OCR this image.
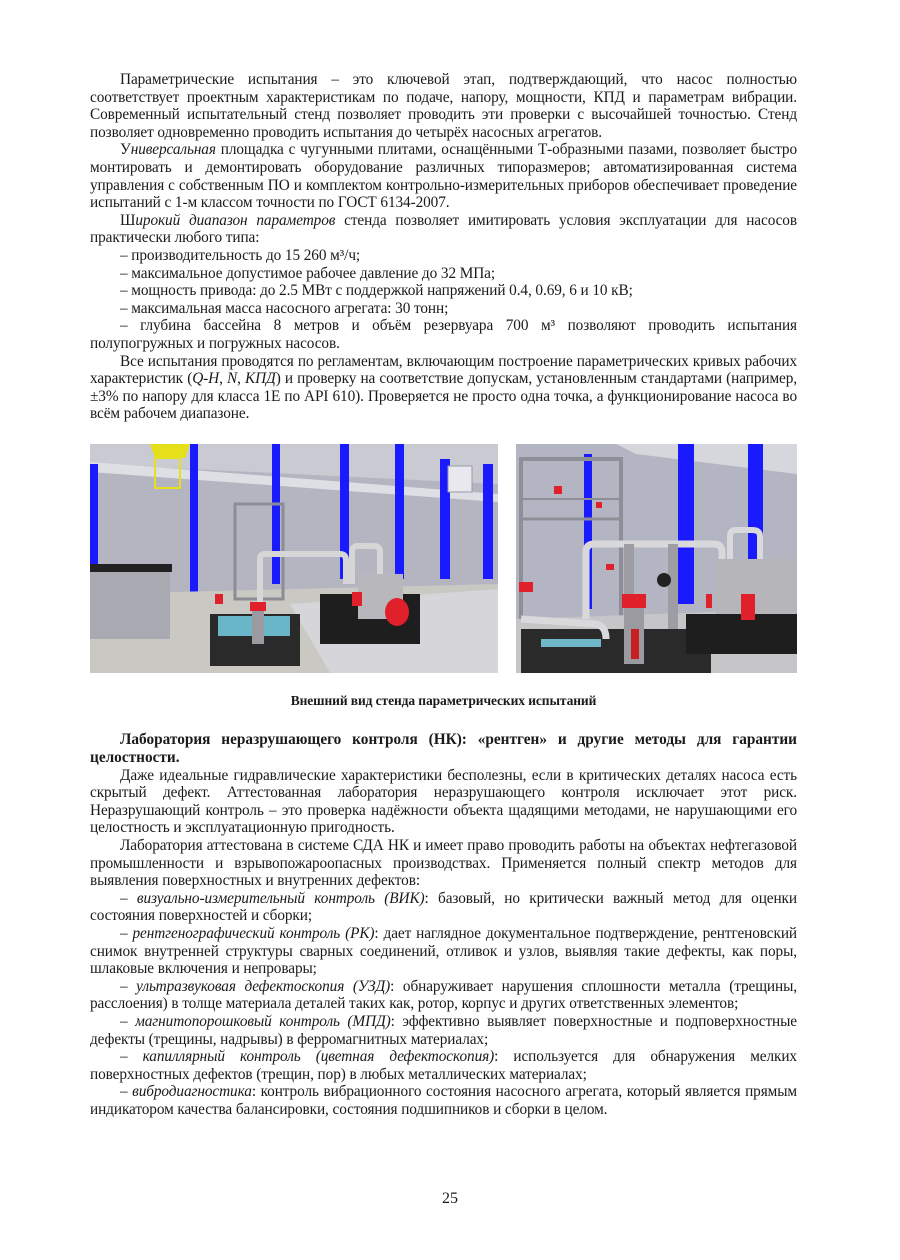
Параметрические испытания – это ключевой этап, подтверждающий, что насос полностью соответствует проектным характеристикам по подаче, напору, мощности, КПД и параметрам вибрации. Современный испытательный стенд позволяет проводить эти проверки с высочайшей точностью. Стенд позволяет одновременно проводить испытания до четырёх насосных агрегатов.

Универсальная площадка с чугунными плитами, оснащёнными Т-образными пазами, позволяет быстро монтировать и демонтировать оборудование различных типоразмеров; автоматизированная система управления с собственным ПО и комплектом контрольно-измерительных приборов обеспечивает проведение испытаний с 1-м классом точности по ГОСТ 6134-2007.

Широкий диапазон параметров стенда позволяет имитировать условия эксплуатации для насосов практически любого типа:

– производительность до 15 260 м³/ч;

– максимальное допустимое рабочее давление до 32 МПа;

– мощность привода: до 2.5 МВт с поддержкой напряжений 0.4, 0.69, 6 и 10 кВ;

– максимальная масса насосного агрегата: 30 тонн;

– глубина бассейна 8 метров и объём резервуара 700 м³ позволяют проводить испытания полупогружных и погружных насосов.

Все испытания проводятся по регламентам, включающим построение параметрических кривых рабочих характеристик (Q-H, N, КПД) и проверку на соответствие допускам, установленным стандартами (например, ±3% по напору для класса 1Е по API 610). Проверяется не просто одна точка, а функционирование насоса во всём рабочем диапазоне.

Внешний вид стенда параметрических испытаний

Лаборатория неразрушающего контроля (НК): «рентген» и другие методы для гарантии целостности.

Даже идеальные гидравлические характеристики бесполезны, если в критических деталях насоса есть скрытый дефект. Аттестованная лаборатория неразрушающего контроля исключает этот риск. Неразрушающий контроль – это проверка надёжности объекта щадящими методами, не нарушающими его целостность и эксплуатационную пригодность.

Лаборатория аттестована в системе СДА НК и имеет право проводить работы на объектах нефтегазовой промышленности и взрывопожароопасных производствах. Применяется полный спектр методов для выявления поверхностных и внутренних дефектов:

– визуально-измерительный контроль (ВИК): базовый, но критически важный метод для оценки состояния поверхностей и сборки;

– рентгенографический контроль (РК): дает наглядное документальное подтверждение, рентгеновский снимок внутренней структуры сварных соединений, отливок и узлов, выявляя такие дефекты, как поры, шлаковые включения и непровары;

– ультразвуковая дефектоскопия (УЗД): обнаруживает нарушения сплошности металла (трещины, расслоения) в толще материала деталей таких как, ротор, корпус и других ответственных элементов;

– магнитопорошковый контроль (МПД): эффективно выявляет поверхностные и подповерхностные дефекты (трещины, надрывы) в ферромагнитных материалах;

– капиллярный контроль (цветная дефектоскопия): используется для обнаружения мелких поверхностных дефектов (трещин, пор) в любых металлических материалах;

– вибродиагностика: контроль вибрационного состояния насосного агрегата, который является прямым индикатором качества балансировки, состояния подшипников и сборки в целом.

25
